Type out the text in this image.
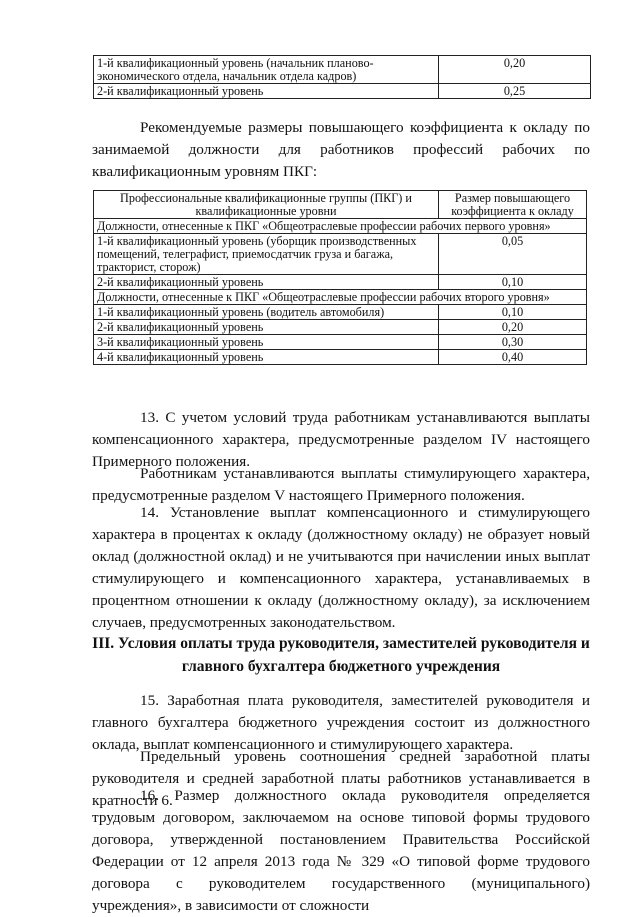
1-й квалификационный уровень (начальник планово-экономического отдела, начальник отдела кадров)	0,20
2-й квалификационный уровень	0,25
Рекомендуемые размеры повышающего коэффициента к окладу по занимаемой должности для работников профессий рабочих по квалификационным уровням ПКГ:
Профессиональные квалификационные группы (ПКГ) и квалификационные уровни	Размер повышающего коэффициента к окладу
Должности, отнесенные к ПКГ «Общеотраслевые профессии рабочих первого уровня»	
1-й квалификационный уровень (уборщик производственных помещений, телеграфист, приемосдатчик груза и багажа, тракторист, сторож)	0,05
2-й квалификационный уровень	0,10
Должности, отнесенные к ПКГ «Общеотраслевые профессии рабочих второго уровня»	
1-й квалификационный уровень (водитель автомобиля)	0,10
2-й квалификационный уровень	0,20
3-й квалификационный уровень	0,30
4-й квалификационный уровень	0,40
13. С учетом условий труда работникам устанавливаются выплаты компенсационного характера, предусмотренные разделом IV настоящего Примерного положения.
Работникам устанавливаются выплаты стимулирующего характера, предусмотренные разделом V настоящего Примерного положения.
14. Установление выплат компенсационного и стимулирующего характера в процентах к окладу (должностному окладу) не образует новый оклад (должностной оклад) и не учитываются при начислении иных выплат стимулирующего и компенсационного характера, устанавливаемых в процентном отношении к окладу (должностному окладу), за исключением случаев, предусмотренных законодательством.
III. Условия оплаты труда руководителя, заместителей руководителя и главного бухгалтера бюджетного учреждения
15. Заработная плата руководителя, заместителей руководителя и главного бухгалтера бюджетного учреждения состоит из должностного оклада, выплат компенсационного и стимулирующего характера.
Предельный уровень соотношения средней заработной платы руководителя и средней заработной платы работников устанавливается в кратности 6.
16. Размер должностного оклада руководителя определяется трудовым договором, заключаемом на основе типовой формы трудового договора, утвержденной постановлением Правительства Российской Федерации от 12 апреля 2013 года № 329 «О типовой форме трудового договора с руководителем государственного (муниципального) учреждения», в зависимости от сложности
